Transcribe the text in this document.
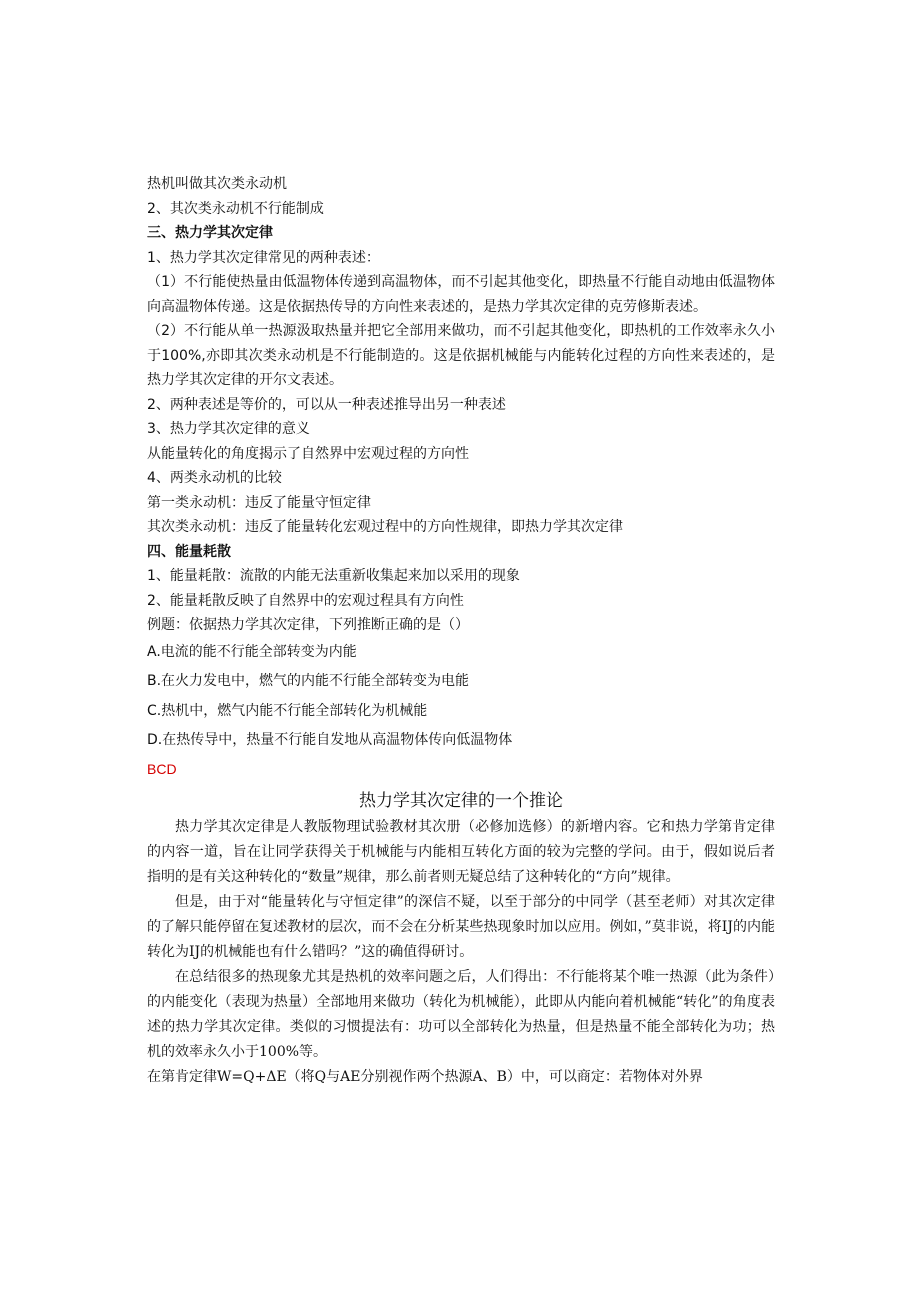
热机叫做其次类永动机
2、其次类永动机不行能制成
三、热力学其次定律
1、热力学其次定律常见的两种表述：
（1）不行能使热量由低温物体传递到高温物体，而不引起其他变化，即热量不行能自动地由低温物体向高温物体传递。这是依据热传导的方向性来表述的，是热力学其次定律的克劳修斯表述。
（2）不行能从单一热源汲取热量并把它全部用来做功，而不引起其他变化，即热机的工作效率永久小于100%,亦即其次类永动机是不行能制造的。这是依据机械能与内能转化过程的方向性来表述的，是热力学其次定律的开尔文表述。
2、两种表述是等价的，可以从一种表述推导出另一种表述
3、热力学其次定律的意义
从能量转化的角度揭示了自然界中宏观过程的方向性
4、两类永动机的比较
第一类永动机：违反了能量守恒定律
其次类永动机：违反了能量转化宏观过程中的方向性规律，即热力学其次定律
四、能量耗散
1、能量耗散：流散的内能无法重新收集起来加以采用的现象
2、能量耗散反映了自然界中的宏观过程具有方向性
例题：依据热力学其次定律，下列推断正确的是（）
A.电流的能不行能全部转变为内能
B.在火力发电中，燃气的内能不行能全部转变为电能
C.热机中，燃气内能不行能全部转化为机械能
D.在热传导中，热量不行能自发地从高温物体传向低温物体
BCD
热力学其次定律的一个推论
热力学其次定律是人教版物理试验教材其次册（必修加选修）的新增内容。它和热力学第肯定律的内容一道，旨在让同学获得关于机械能与内能相互转化方面的较为完整的学问。由于，假如说后者指明的是有关这种转化的“数量”规律，那么前者则无疑总结了这种转化的“方向”规律。
但是，由于对“能量转化与守恒定律”的深信不疑，以至于部分的中同学（甚至老师）对其次定律的了解只能停留在复述教材的层次，而不会在分析某些热现象时加以应用。例如，”莫非说，将IJ的内能转化为IJ的机械能也有什么错吗？”这的确值得研讨。
在总结很多的热现象尤其是热机的效率问题之后，人们得出：不行能将某个唯一热源（此为条件）的内能变化（表现为热量）全部地用来做功（转化为机械能），此即从内能向着机械能“转化”的角度表述的热力学其次定律。类似的习惯提法有：功可以全部转化为热量，但是热量不能全部转化为功；热机的效率永久小于100%等。
在第肯定律W=Q+ΔE（将Q与AE分别视作两个热源A、B）中，可以商定：若物体对外界
